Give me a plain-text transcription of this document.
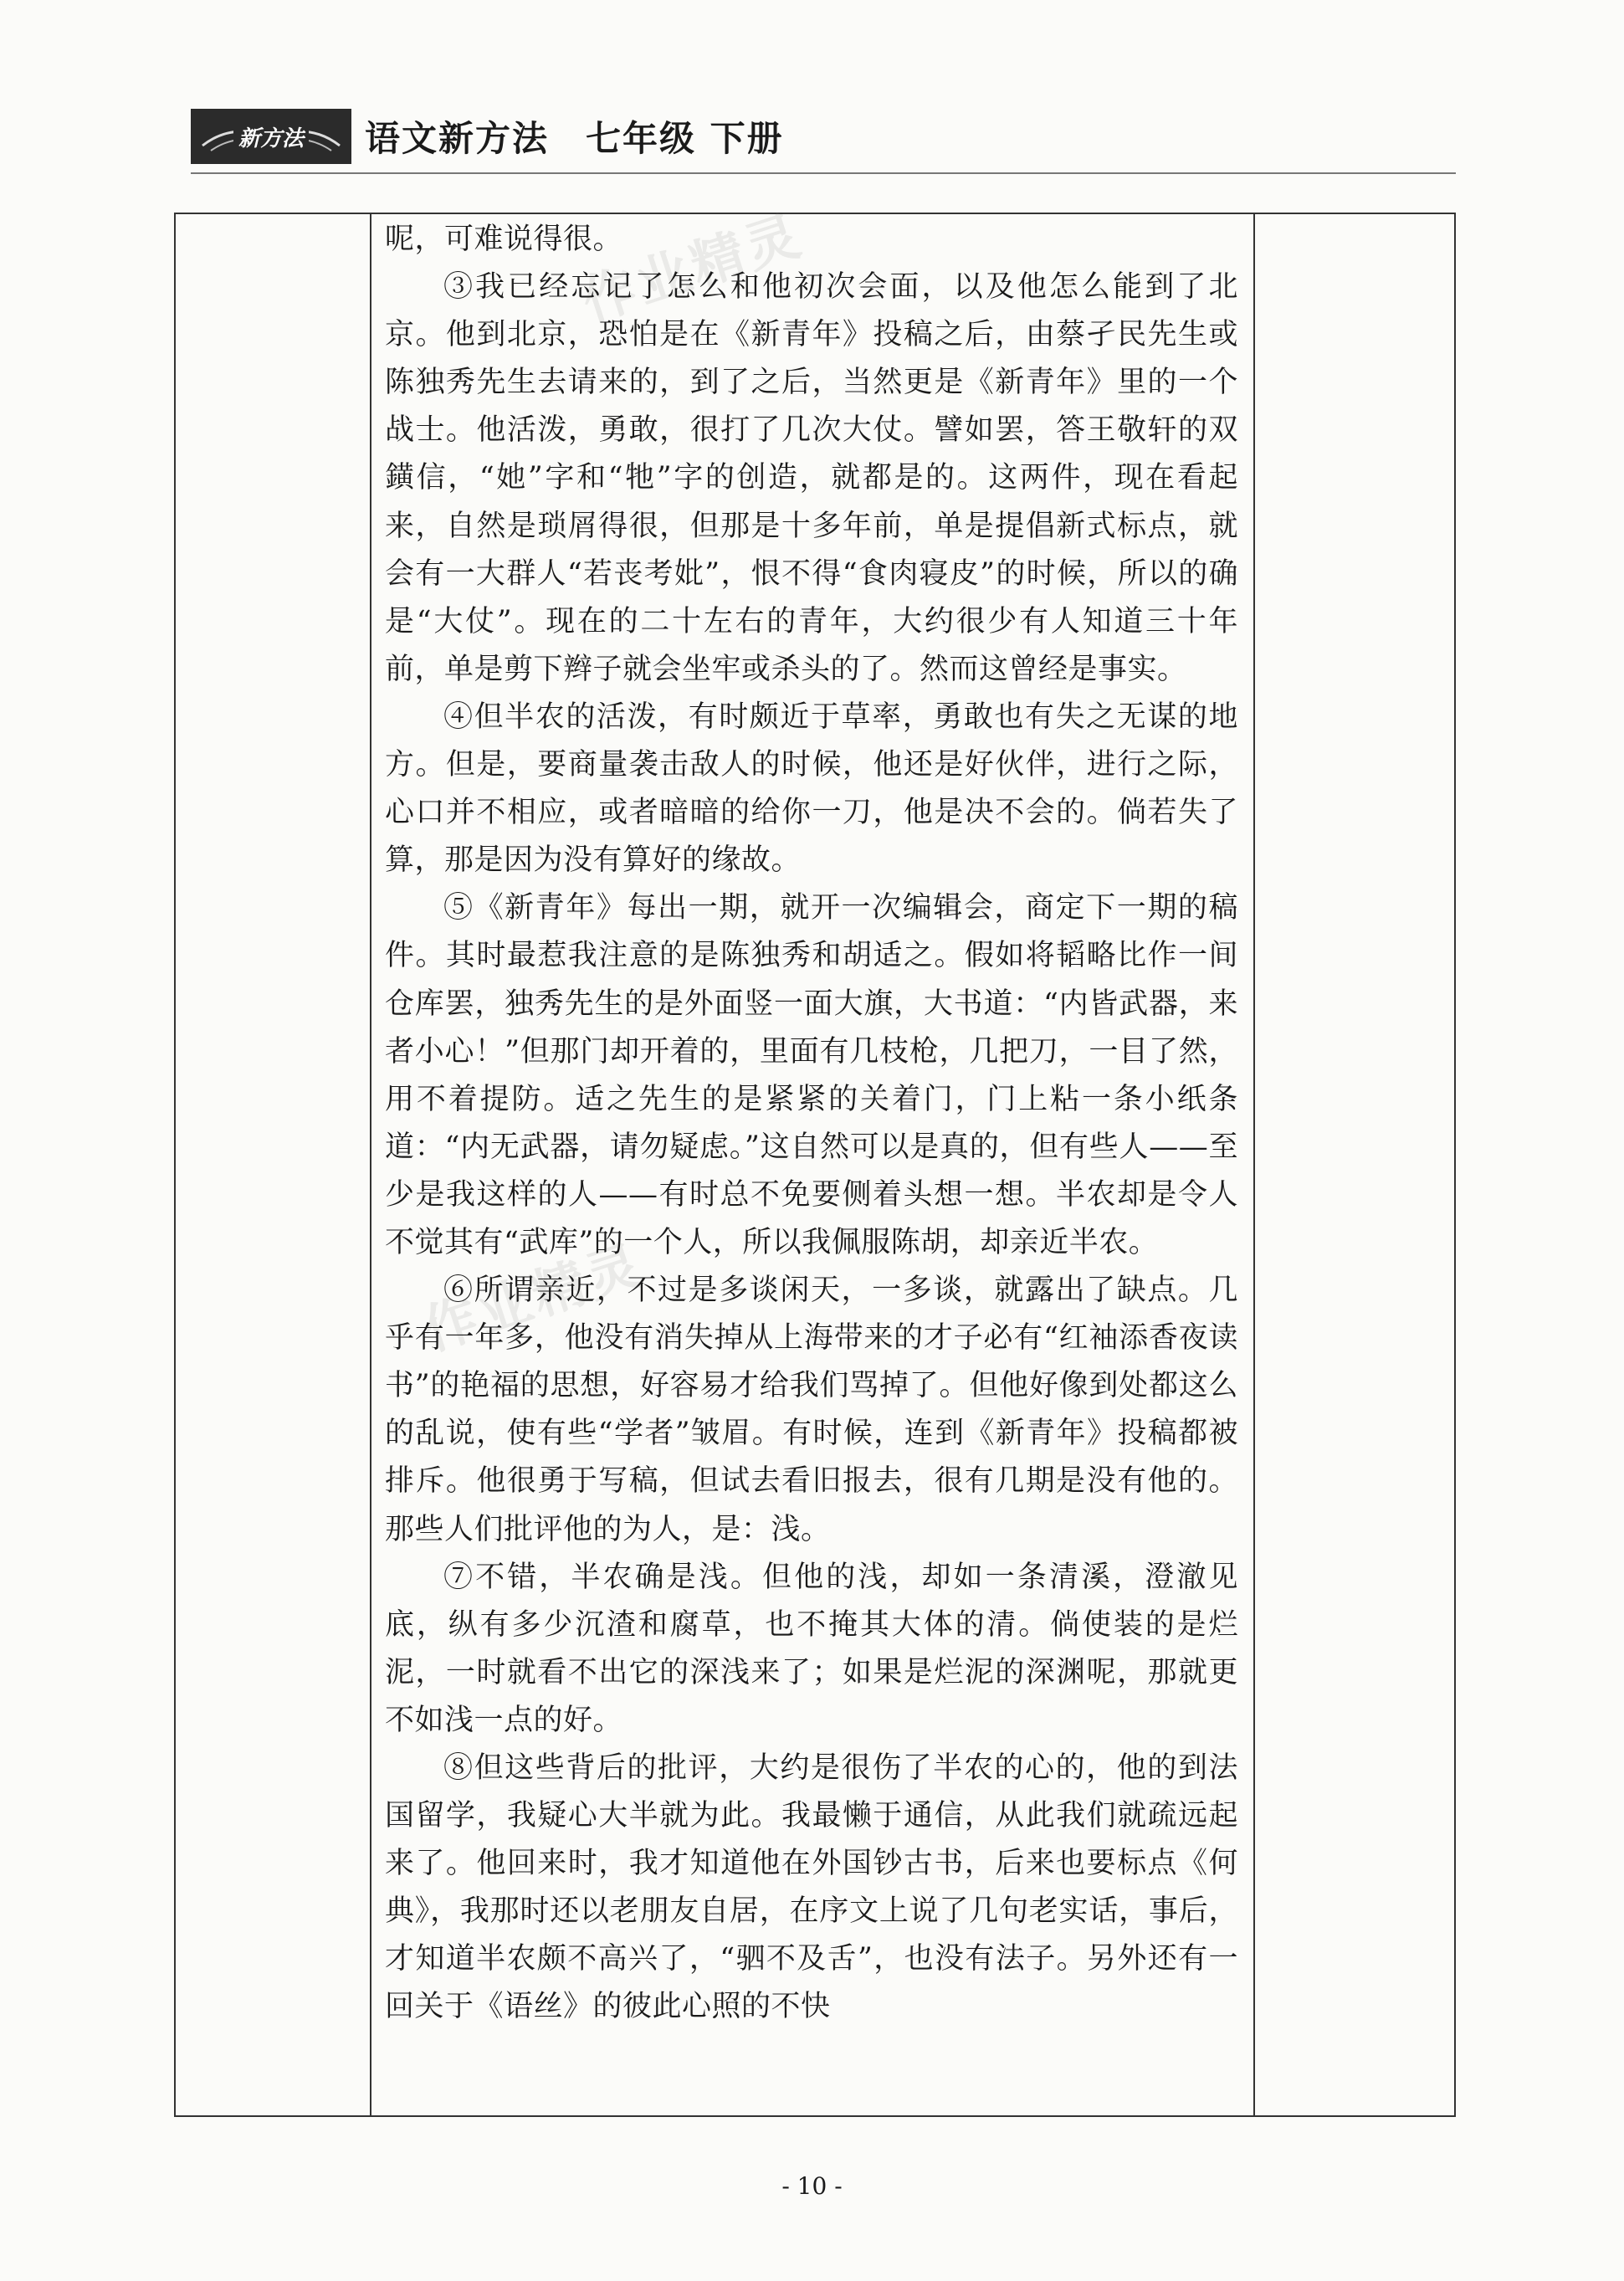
新方法 语文新方法　七年级 下册
作业精灵
作业精灵

呢，可难说得很。

③我已经忘记了怎么和他初次会面，以及他怎么能到了北京。他到北京，恐怕是在《新青年》投稿之后，由蔡孑民先生或陈独秀先生去请来的，到了之后，当然更是《新青年》里的一个战士。他活泼，勇敢，很打了几次大仗。譬如罢，答王敬轩的双鐄信，“她”字和“牠”字的创造，就都是的。这两件，现在看起来，自然是琐屑得很，但那是十多年前，单是提倡新式标点，就会有一大群人“若丧考妣”，恨不得“食肉寝皮”的时候，所以的确是“大仗”。现在的二十左右的青年，大约很少有人知道三十年前，单是剪下辫子就会坐牢或杀头的了。然而这曾经是事实。

④但半农的活泼，有时颇近于草率，勇敢也有失之无谋的地方。但是，要商量袭击敌人的时候，他还是好伙伴，进行之际，心口并不相应，或者暗暗的给你一刀，他是决不会的。倘若失了算，那是因为没有算好的缘故。

⑤《新青年》每出一期，就开一次编辑会，商定下一期的稿件。其时最惹我注意的是陈独秀和胡适之。假如将韬略比作一间仓库罢，独秀先生的是外面竖一面大旗，大书道：“内皆武器，来者小心！”但那门却开着的，里面有几枝枪，几把刀，一目了然，用不着提防。适之先生的是紧紧的关着门，门上粘一条小纸条道：“内无武器，请勿疑虑。”这自然可以是真的，但有些人——至少是我这样的人——有时总不免要侧着头想一想。半农却是令人不觉其有“武库”的一个人，所以我佩服陈胡，却亲近半农。

⑥所谓亲近，不过是多谈闲天，一多谈，就露出了缺点。几乎有一年多，他没有消失掉从上海带来的才子必有“红袖添香夜读书”的艳福的思想，好容易才给我们骂掉了。但他好像到处都这么的乱说，使有些“学者”皱眉。有时候，连到《新青年》投稿都被排斥。他很勇于写稿，但试去看旧报去，很有几期是没有他的。那些人们批评他的为人，是：浅。

⑦不错，半农确是浅。但他的浅，却如一条清溪，澄澈见底，纵有多少沉渣和腐草，也不掩其大体的清。倘使装的是烂泥，一时就看不出它的深浅来了；如果是烂泥的深渊呢，那就更不如浅一点的好。

⑧但这些背后的批评，大约是很伤了半农的心的，他的到法国留学，我疑心大半就为此。我最懒于通信，从此我们就疏远起来了。他回来时，我才知道他在外国钞古书，后来也要标点《何典》，我那时还以老朋友自居，在序文上说了几句老实话，事后，才知道半农颇不高兴了，“驷不及舌”，也没有法子。另外还有一回关于《语丝》的彼此心照的不快

- 10 -
